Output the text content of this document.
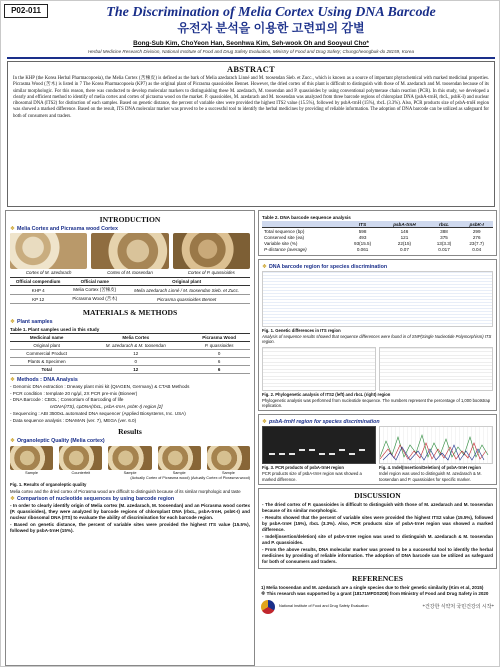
P02-011	The Discrimination of Melia Cortex Using DNA Barcode
유전자 분석을 이용한 고련피의 감별
Bong-Sub Kim, ChoYeon Han, Seonhwa Kim, Seh-wook Oh and Sooyeul Cho*
Herbal Medicine Research Division, National Institute of Food and Drug Safety Evaluation, Ministry of Food and Drug Safety; Chungcheongbuk-do 28159, Korea
ABSTRACT
In the KHP (the Korea Herbal Pharmacopoeia), the Melia Cortex (苦楝皮) is defined as the bark of Melia azedarach Linné and M. toosendan Sieb. et Zucc., which is known as a source of important phytochemical with marked medicinal properties. Picrasma Wood (苦木) is listed in 7 The Korea Pharmacopoeia (KP7) as the original plant of Picrasma quassioides Bennet. However, the dried cortex of this plant is difficult to distinguish with those of M. azedarach and M. toosendan because of its similar morphologic. For this reason, there was conducted to develop molecular markers to distinguishing these M. azedarach, M. toosendan and P. quassioides by using conventional polymerase chain reaction (PCR). In this study, we developed a clearly and efficient method to identify of melia cortex and cortex of picrasma wood on the market. P. quassioides, M. azedarach and M. toosendan was analyzed from three barcode regions of chloroplast DNA (psbA-trnH, rbcL, psbK-I) and nuclear ribosomal DNA (ITS2) for distinction of each samples. Based on genetic distance, the percent of variable sites were provided the highest ITS2 value (15.5%), followed by psbA-trnH (15%), rbcL (3.3%). Also, PCR products size of psbA-trnH region was showed a marked difference. Based on the result, ITS DNA molecular marker was proved to be a successful tool to identify the herbal medicines by providing of reliable information. The adoption of DNA barcode can be utilized as safeguard for both of consumers and traders.
INTRODUCTION
❖ Melia Cortex and Picrasma wood Cortex
Cortex of M. azedarach	Cortex of M. toosendan	Cortex of P. quassioides
Official compendium	Official name	Original plant
KHP 4	Melia Cortex (苦楝皮)	Melia azedarach Linné / M. toosendan Sieb. et Zucc.
KP 12	Picrasma Wood (苦木)	Picrasma quassioides Bennet
MATERIALS & METHODS
❖ Plant samples
Table 1. Plant samples used in this study
Medicinal name	Melia Cortex	Picrasma Wood
Original plant	M. azedarach & M. toosendan	P. quassioides
Commercial Product	12	0
Plants & Specimen	0	6
Total	12	6
❖ Methods : DNA Analysis
- Genomic DNA extraction : Dneasy plant mini kit (QIAGEN, Germany) & CTAB Methods
- PCR condition : template 20 ng/μl, 2X PCR pre-mix (Bioneer)
- DNA Barcode : CBOL ; Consortium of Barcoding of life
nrDNA(ITS), cpDNA(rbcL, psbA-trnH, psbK-I) region [2]
- Sequencing : ABI 3500xL automated DNA sequencer (Applied Biosystems, Inc. USA)
- Data sequence analysis : DNAMAN (ver. 7), MEGA (ver. 6.0)
Results
❖ Organoleptic Quality (Melia cortex)
Sample	Counterfeit	Sample	Sample	Sample
(Actually Cortex of Picrasma wood) (Actually Cortex of Picrasma wood)
Fig. 1. Results of organoleptic quality
Melia cortex and the dried cortex of Picrasma wood are difficult to distinguish because of its similar morphologic and taste
❖ Comparison of nucleotide sequences by using barcode region
- In order to clearly identify origin of Melia cortex (M. azedarach, M. toosendan) and an Picrasma wood cortex (P. quassioides), they were analyzed by barcode regions of chloroplast DNA (rbcL, psbA-trnH, psbK-I) and nuclear ribosomal DNA (ITS) to evaluate the ability of discrimination for each barcode region.
- Based on genetic distance, the percent of variable sites were provided the highest ITS value (15.5%), followed by psbA-trnH (15%).
Table 2. DNA barcode sequence analysis
	ITS	psbA-trnH	rbcL	psbK-I
Total sequence (bp)	598	146	388	299
Conserved site (ea)	493	121	375	276
Variable site (%)	93(15.5)	22(15)	13(3.3)	23(7.7)
P-distance (average)	0.061	0.07	0.017	0.04
❖ DNA barcode region for species discrimination
Fig. 1. Genetic differences in ITS region
Analysis of sequence results showed that sequence differences were found in of SNP(Single Nucleotide Polymorphism) ITS region.
Fig. 2. Phylogenetic analysis of ITS2 (left) and rbcL (right) region
Phylogenetic analysis was performed from nucleotide sequence. The numbers represent the percentage of 1,000 bootstrap replication.
❖ psbA-trnH region for species discrimination
Fig. 3. PCR products of psbA-trnH region
PCR products size of psbA-trnH region was showed a marked difference.
Fig. 4. Indel(Insertion/Deletion) of psbA-trnH region
Indel region was used to distinguish M. azedarach & M. toosendan and P. quassioides for specific marker.
DISCUSSION
- The dried cortex of P. quassioides is difficult to distinguish with those of M. azedarach and M. toosendan because of its similar morphologic.
- Results showed that the percent of variable sites were provided the highest ITS2 value (15.5%), followed by psbA-trnH (15%), rbcL (3.3%). Also, PCR products size of psbA-trnH region was showed a marked difference.
- Indel(insertion/deletion) site of psbA-trnH region was used to distinguish M. azedarach & M. toosendan and P. quassioides.
- From the above results, DNA molecular marker was proved to be a successful tool to identify the herbal medicines by providing of reliable information. The adoption of DNA barcode can be utilized as safeguard for both of consumers and traders.
REFERENCES
1) Melia toosendan and M. azedarach are a single species due to their genetic similarity (Kim et al, 2015)
※ This research was supported by a grant (18171MFDS208) from Ministry of Food and Drug Safety in 2020
National Institute of Food and Drug Safety Evaluation	*건강한 식약처 국민건강의 시작*
